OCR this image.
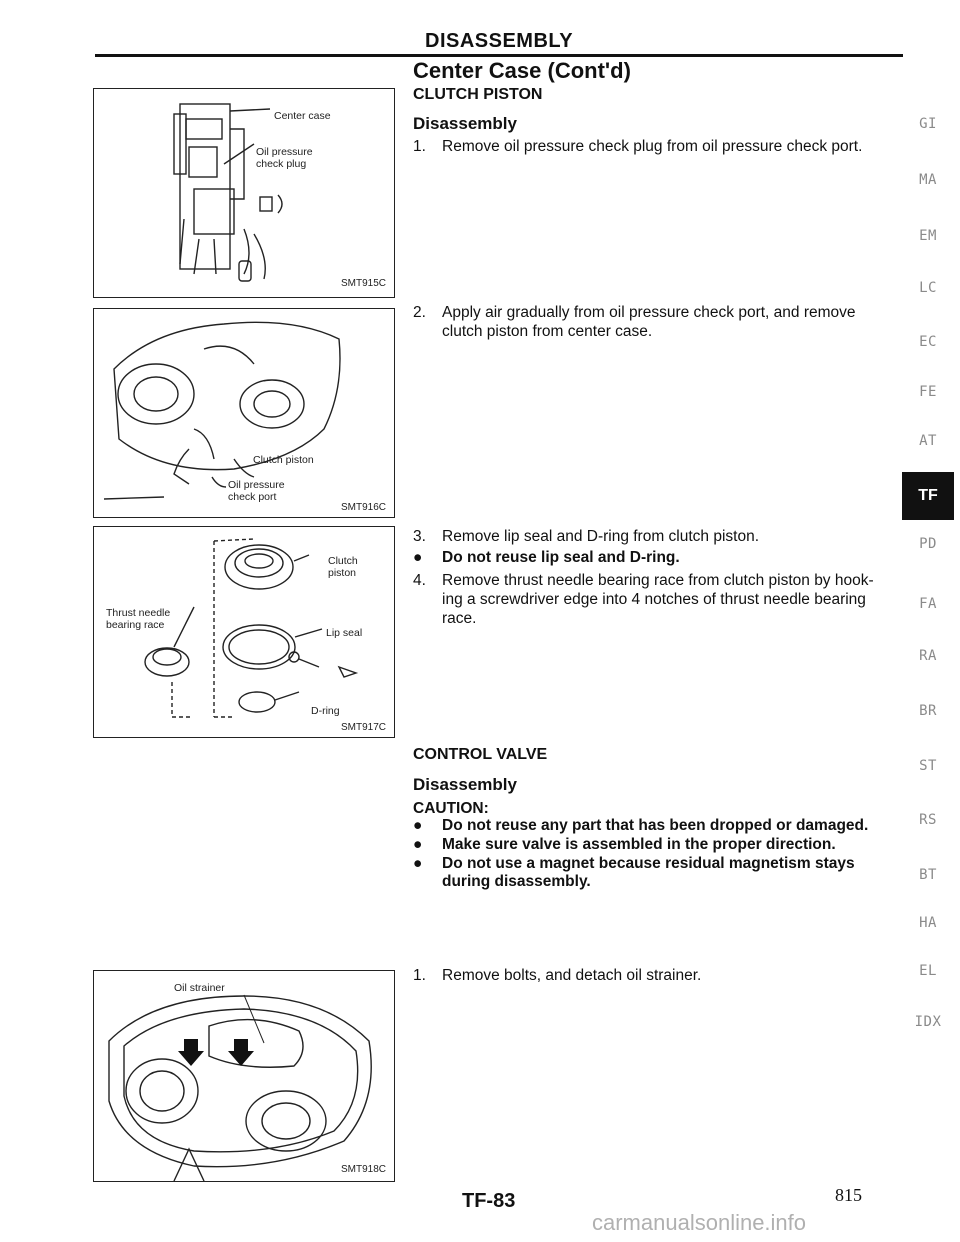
DISASSEMBLY
Center Case (Cont'd)
CLUTCH PISTON
Disassembly
1. Remove oil pressure check plug from oil pressure check port.
2. Apply air gradually from oil pressure check port, and remove
clutch piston from center case.
3. Remove lip seal and D-ring from clutch piston.
● Do not reuse lip seal and D-ring.
4. Remove thrust needle bearing race from clutch piston by hook-
ing a screwdriver edge into 4 notches of thrust needle bearing
race.
CONTROL VALVE
Disassembly
CAUTION:
● Do not reuse any part that has been dropped or damaged.
● Make sure valve is assembled in the proper direction.
● Do not use a magnet because residual magnetism stays
during disassembly.
1. Remove bolts, and detach oil strainer.
Center case
Oil pressure
check plug
SMT915C
Clutch piston
Oil pressure
check port
SMT916C
Clutch
piston
Thrust needle
bearing race
Lip seal
D-ring
SMT917C
Oil strainer
SMT918C
GI
MA
EM
LC
EC
FE
AT
TF
PD
FA
RA
BR
ST
RS
BT
HA
EL
IDX
TF-83	815
carmanualsonline.info
